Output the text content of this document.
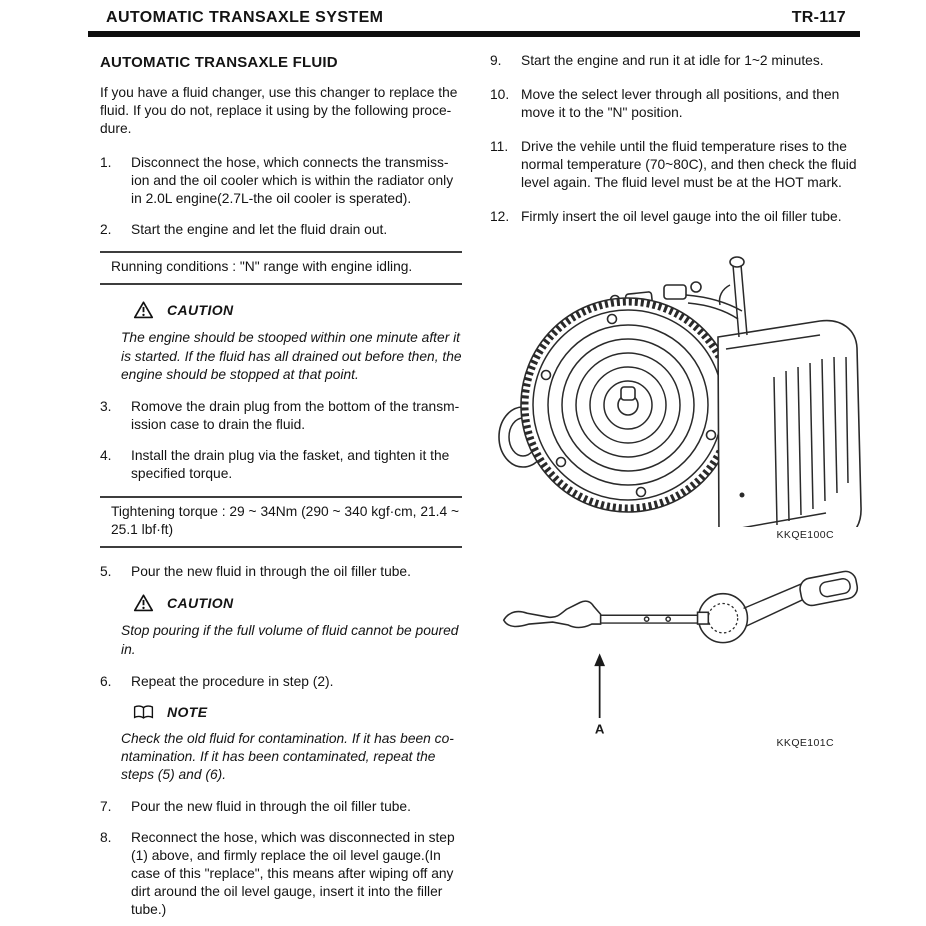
AUTOMATIC TRANSAXLE SYSTEM	TR-117
AUTOMATIC TRANSAXLE FLUID

If you have a fluid changer, use this changer to replace the fluid. If you do not, replace it using by the following proce-dure.

1.	Disconnect the hose, which connects the transmiss-ion and the oil cooler which is within the radiator only in 2.0L engine(2.7L-the oil cooler is sperated).
2.	Start the engine and let the fluid drain out.
Running conditions : "N" range with engine idling.
CAUTION

The engine should be stooped within one minute after it is started. If the fluid has all drained out before then, the engine should be stopped at that point.

3.	Romove the drain plug from the bottom of the transm-ission case to drain the fluid.
4.	Install the drain plug via the fasket, and tighten it the specified torque.
Tightening torque : 29 ~ 34Nm (290 ~ 340 kgf·cm, 21.4 ~ 25.1 lbf·ft)
5.	Pour the new fluid in through the oil filler tube.
CAUTION

Stop pouring if the full volume of fluid cannot be poured in.

6.	Repeat the procedure in step (2).
NOTE

Check the old fluid for contamination. If it has been co-ntamination. If it has been contaminated, repeat the steps (5) and (6).

7.	Pour the new fluid in through the oil filler tube.
8.	Reconnect the hose, which was disconnected in step (1) above, and firmly replace the oil level gauge.(In case of this "replace", this means after wiping off any dirt around the oil level gauge, insert it into the filler tube.)
9.	Start the engine and run it at idle for 1~2 minutes.
10. Move the select lever through all positions, and then move it to the "N" position.
11. Drive the vehile until the fluid temperature rises to the normal temperature (70~80C), and then check the fluid level again. The fluid level must be at the HOT mark.
12. Firmly insert the oil level gauge into the oil filler tube.
KKQE100C
A
KKQE101C
